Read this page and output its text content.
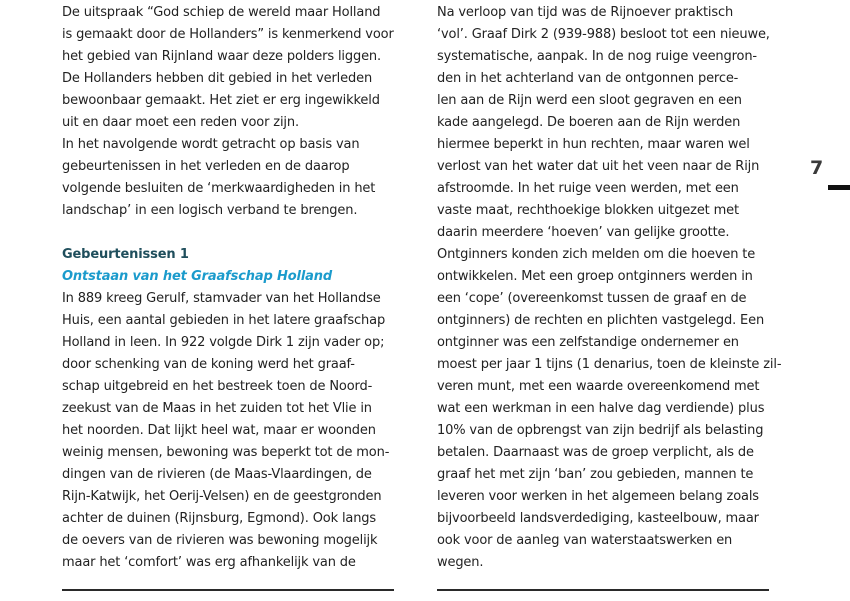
De uitspraak “God schiep de wereld maar Holland
is gemaakt door de Hollanders” is kenmerkend voor
het gebied van Rijnland waar deze polders liggen.
De Hollanders hebben dit gebied in het verleden
bewoonbaar gemaakt. Het ziet er erg ingewikkeld
uit en daar moet een reden voor zijn.
In het navolgende wordt getracht op basis van
gebeurtenissen in het verleden en de daarop
volgende besluiten de ‘merkwaardigheden in het
landschap’ in een logisch verband te brengen.
Gebeurtenissen 1
Ontstaan van het Graafschap Holland
In 889 kreeg Gerulf, stamvader van het Hollandse
Huis, een aantal gebieden in het latere graafschap
Holland in leen. In 922 volgde Dirk 1 zijn vader op;
door schenking van de koning werd het graaf-
schap uitgebreid en het bestreek toen de Noord-
zeekust van de Maas in het zuiden tot het Vlie in
het noorden. Dat lijkt heel wat, maar er woonden
weinig mensen, bewoning was beperkt tot de mon-
dingen van de rivieren (de Maas-Vlaardingen, de
Rijn-Katwijk, het Oerij-Velsen) en de geestgronden
achter de duinen (Rijnsburg, Egmond). Ook langs
de oevers van de rivieren was bewoning mogelijk
maar het ‘comfort’ was erg afhankelijk van de
Na verloop van tijd was de Rijnoever praktisch
‘vol’. Graaf Dirk 2 (939-988) besloot tot een nieuwe,
systematische, aanpak. In de nog ruige veengron-
den in het achterland van de ontgonnen perce-
len aan de Rijn werd een sloot gegraven en een
kade aangelegd. De boeren aan de Rijn werden
hiermee beperkt in hun rechten, maar waren wel
verlost van het water dat uit het veen naar de Rijn
afstroomde. In het ruige veen werden, met een
vaste maat, rechthoekige blokken uitgezet met
daarin meerdere ‘hoeven’ van gelijke grootte.
Ontginners konden zich melden om die hoeven te
ontwikkelen. Met een groep ontginners werden in
een ‘cope’ (overeenkomst tussen de graaf en de
ontginners) de rechten en plichten vastgelegd. Een
ontginner was een zelfstandige ondernemer en
moest per jaar 1 tijns (1 denarius, toen de kleinste zil-
veren munt, met een waarde overeenkomend met
wat een werkman in een halve dag verdiende) plus
10% van de opbrengst van zijn bedrijf als belasting
betalen. Daarnaast was de groep verplicht, als de
graaf het met zijn ‘ban’ zou gebieden, mannen te
leveren voor werken in het algemeen belang zoals
bijvoorbeeld landsverdediging, kasteelbouw, maar
ook voor de aanleg van waterstaatswerken en
wegen.
7
